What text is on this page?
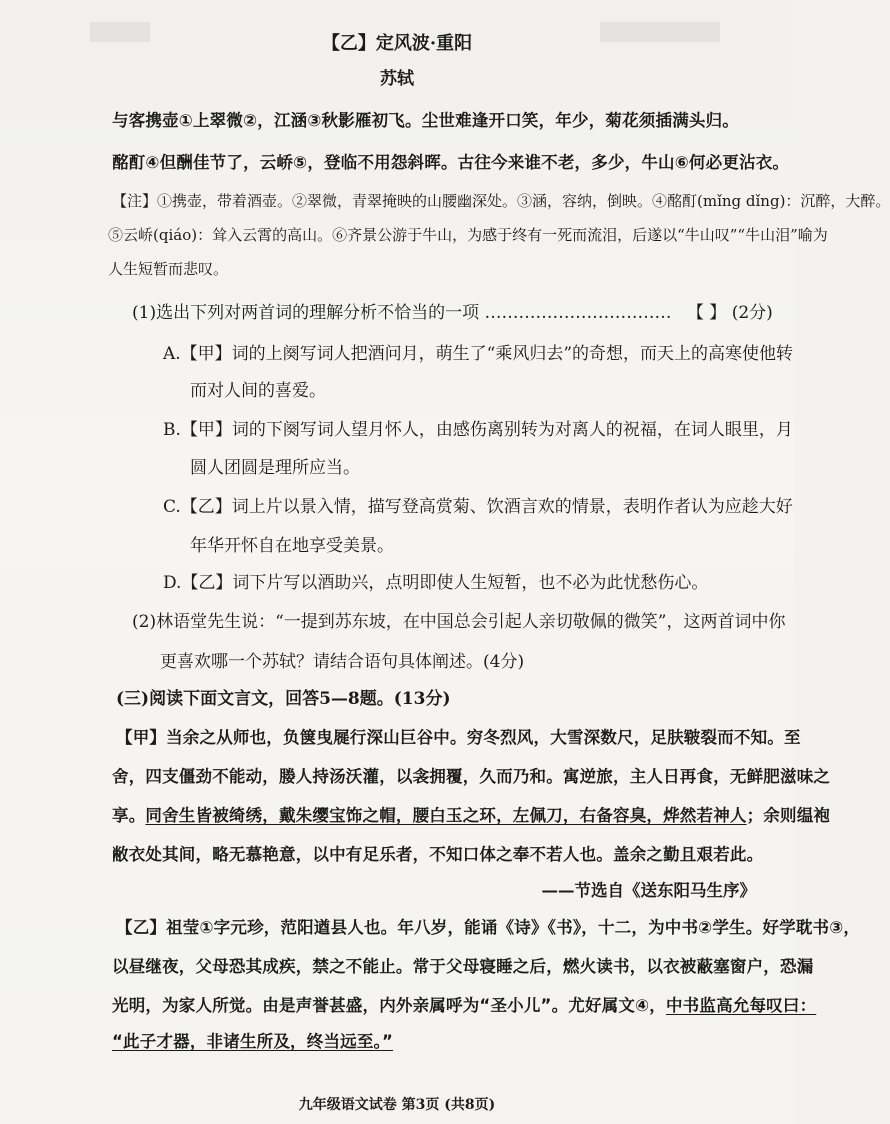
【乙】定风波·重阳
苏轼
与客携壶①上翠微②，江涵③秋影雁初飞。尘世难逢开口笑，年少，菊花须插满头归。
酩酊④但酬佳节了，云峤⑤，登临不用怨斜晖。古往今来谁不老，多少，牛山⑥何必更沾衣。
【注】①携壶，带着酒壶。②翠微，青翠掩映的山腰幽深处。③涵，容纳，倒映。④酩酊(mǐng dǐng)：沉醉，大醉。
⑤云峤(qiáo)：耸入云霄的高山。⑥齐景公游于牛山，为感于终有一死而流泪，后遂以“牛山叹”“牛山泪”喻为
人生短暂而悲叹。
(1)选出下列对两首词的理解分析不恰当的一项 …………………………… 【 】 (2分)
A.【甲】词的上阕写词人把酒问月，萌生了“乘风归去”的奇想，而天上的高寒使他转
而对人间的喜爱。
B.【甲】词的下阕写词人望月怀人，由感伤离别转为对离人的祝福，在词人眼里，月
圆人团圆是理所应当。
C.【乙】词上片以景入情，描写登高赏菊、饮酒言欢的情景，表明作者认为应趁大好
年华开怀自在地享受美景。
D.【乙】词下片写以酒助兴，点明即使人生短暂，也不必为此忧愁伤心。
(2)林语堂先生说：“一提到苏东坡，在中国总会引起人亲切敬佩的微笑”，这两首词中你
更喜欢哪一个苏轼？请结合语句具体阐述。(4分)
(三)阅读下面文言文，回答5—8题。(13分)
【甲】当余之从师也，负箧曳屣行深山巨谷中。穷冬烈风，大雪深数尺，足肤皲裂而不知。至
舍，四支僵劲不能动，媵人持汤沃灌，以衾拥覆，久而乃和。寓逆旅，主人日再食，无鲜肥滋味之
享。同舍生皆被绮绣，戴朱缨宝饰之帽，腰白玉之环，左佩刀，右备容臭，烨然若神人；余则缊袍
敝衣处其间，略无慕艳意，以中有足乐者，不知口体之奉不若人也。盖余之勤且艰若此。
——节选自《送东阳马生序》
【乙】祖莹①字元珍，范阳遒县人也。年八岁，能诵《诗》《书》，十二，为中书②学生。好学耽书③，
以昼继夜，父母恐其成疾，禁之不能止。常于父母寝睡之后，燃火读书，以衣被蔽塞窗户，恐漏
光明，为家人所觉。由是声誉甚盛，内外亲属呼为“圣小儿”。尤好属文④，中书监高允每叹曰：
“此子才器，非诸生所及，终当远至。”
九年级语文试卷 第3页 (共8页)
